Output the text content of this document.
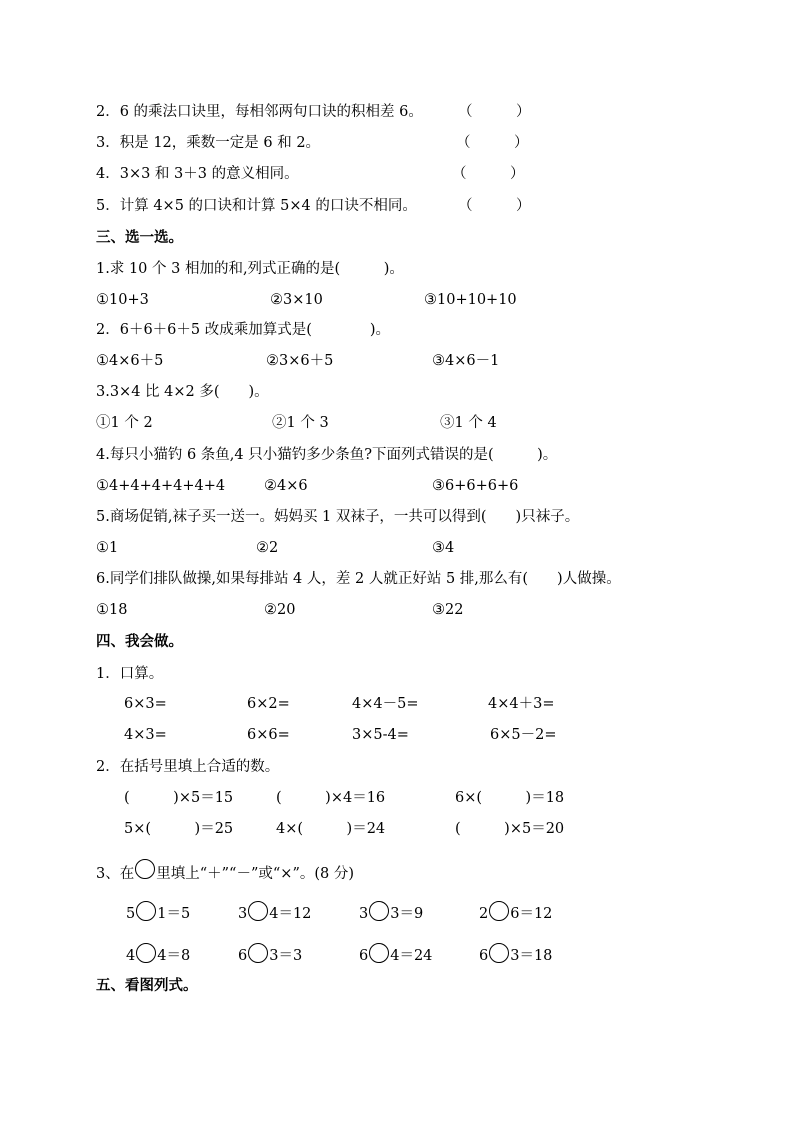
2．6 的乘法口诀里，每相邻两句口诀的积相差 6。 （　　　）
3．积是 12，乘数一定是 6 和 2。	（　　　）
4．3×3 和 3＋3 的意义相同。	（　　　）
5．计算 4×5 的口诀和计算 5×4 的口诀不相同。	（　　　）
三、选一选。
1.求 10 个 3 相加的和,列式正确的是(　　　)。
①10+3	②3×10	③10+10+10
2．6＋6＋6＋5 改成乘加算式是(　　　　)。
①4×6＋5	②3×6＋5	③4×6－1
3.3×4 比 4×2 多(　　)。
①1 个 2	②1 个 3	③1 个 4
4.每只小猫钓 6 条鱼,4 只小猫钓多少条鱼?下面列式错误的是(　　　)。
①4+4+4+4+4+4	②4×6	③6+6+6+6
5.商场促销,袜子买一送一。妈妈买 1 双袜子，一共可以得到(　　)只袜子。
①1	②2	③4
6.同学们排队做操,如果每排站 4 人，差 2 人就正好站 5 排,那么有(　　)人做操。
①18	②20	③22
四、我会做。
1．口算。
6×3=	6×2=	4×4－5=	4×4＋3=
4×3=	6×6=	3×5-4=	6×5－2=
2．在括号里填上合适的数。
(　　　)×5＝15	(　　　)×4＝16	6×(　　　)＝18
5×(　　　)＝25	4×(　　　)＝24	(　　　)×5＝20
3、在 里填上“＋”“－”或“×”。(8 分)
5 1＝5	3 4＝12	3 3＝9	2 6＝12
4 4＝8	6 3＝3	6 4＝24	6 3＝18
五、看图列式。
